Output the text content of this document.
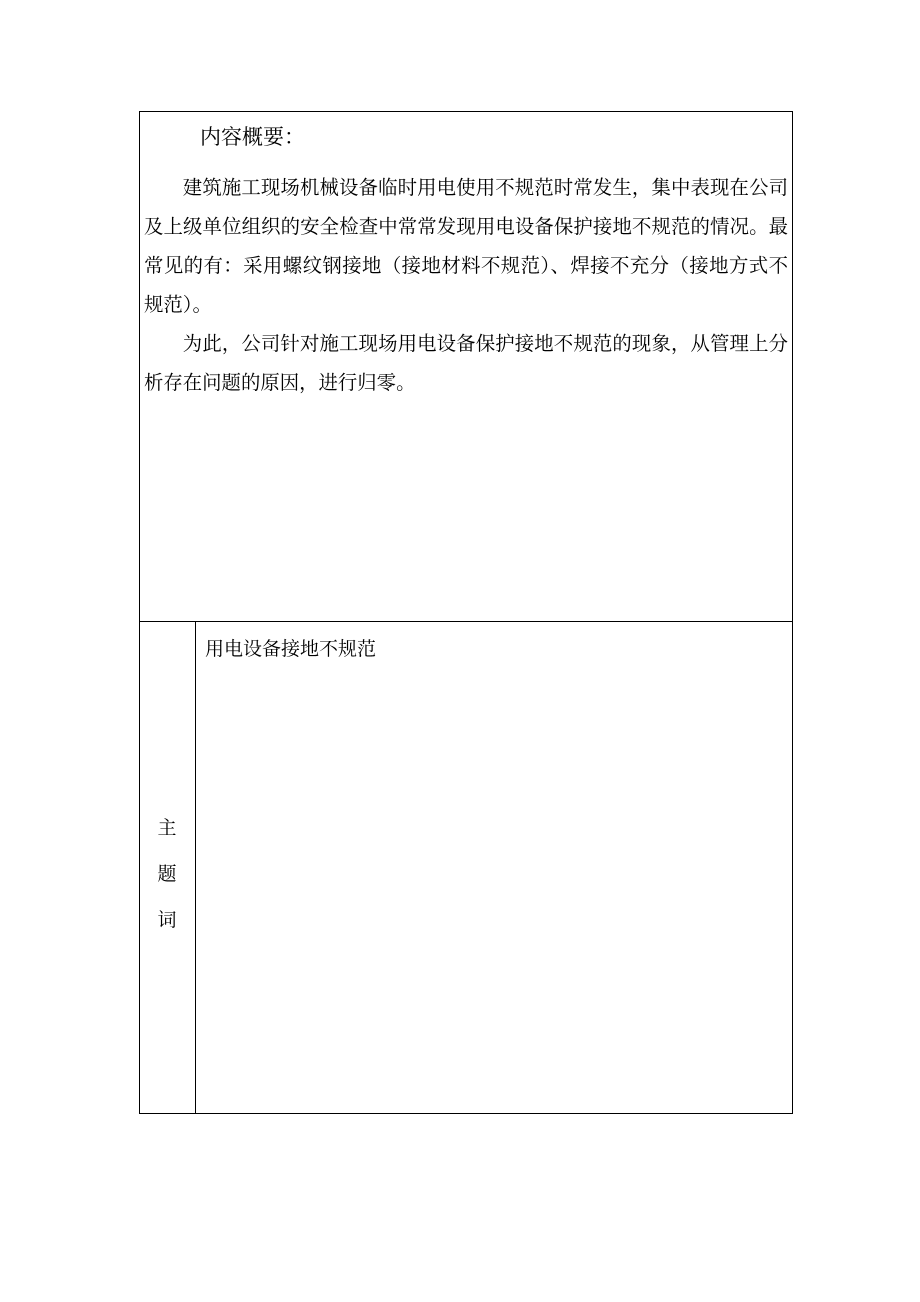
内容概要：

建筑施工现场机械设备临时用电使用不规范时常发生，集中表现在公司及上级单位组织的安全检查中常常发现用电设备保护接地不规范的情况。最常见的有：采用螺纹钢接地（接地材料不规范）、焊接不充分（接地方式不规范）。

为此，公司针对施工现场用电设备保护接地不规范的现象，从管理上分析存在问题的原因，进行归零。

主
题
词
用电设备接地不规范
